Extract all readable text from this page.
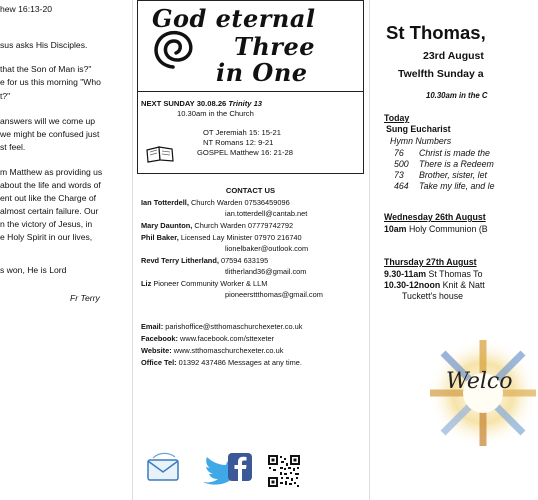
hew 16:13-20
sus asks His Disciples.
that the Son of Man is?"
e for us this morning "Who
t?"
answers will we come up
we might be confused just
st feel.
m Matthew as providing us
about the life and words of
ent out like the Charge of
almost certain failure. Our
n the victory of Jesus, in
e Holy Spirit in our lives,
s won, He is Lord
Fr Terry
God eternal
Three
in One
NEXT SUNDAY 30.08.26 Trinity 13
10.30am in the Church
OT Jeremiah 15: 15-21
NT Romans 12: 9-21
GOSPEL Matthew 16: 21-28
CONTACT US
Ian Totterdell, Church Warden 07536459096
ian.totterdell@cantab.net
Mary Daunton, Church Warden 07779742792
Phil Baker, Licensed Lay Minister 07970 216740
lionelbaker@outlook.com
Revd Terry Litherland, 07594 633195
tlitherland36@gmail.com
Liz Pioneer Community Worker & LLM
pioneersttthomas@gmail.com
Email: parishoffice@stthomaschurchexeter.co.uk
Facebook: www.facebook.com/sttexeter
Website: www.stthomaschurchexeter.co.uk
Office Tel: 01392 437486 Messages at any time.
St Thomas,
23rd August
Twelfth Sunday a
10.30am in the C
Today
Sung Eucharist
Hymn Numbers
76 Christ is made the
500 There is a Redeem
73 Brother, sister, let
464 Take my life, and le
Wednesday 26th August
10am Holy Communion (B
Thursday 27th August
9.30-11am St Thomas To
10.30-12noon Knit & Natt
Tuckett's house
Welco
